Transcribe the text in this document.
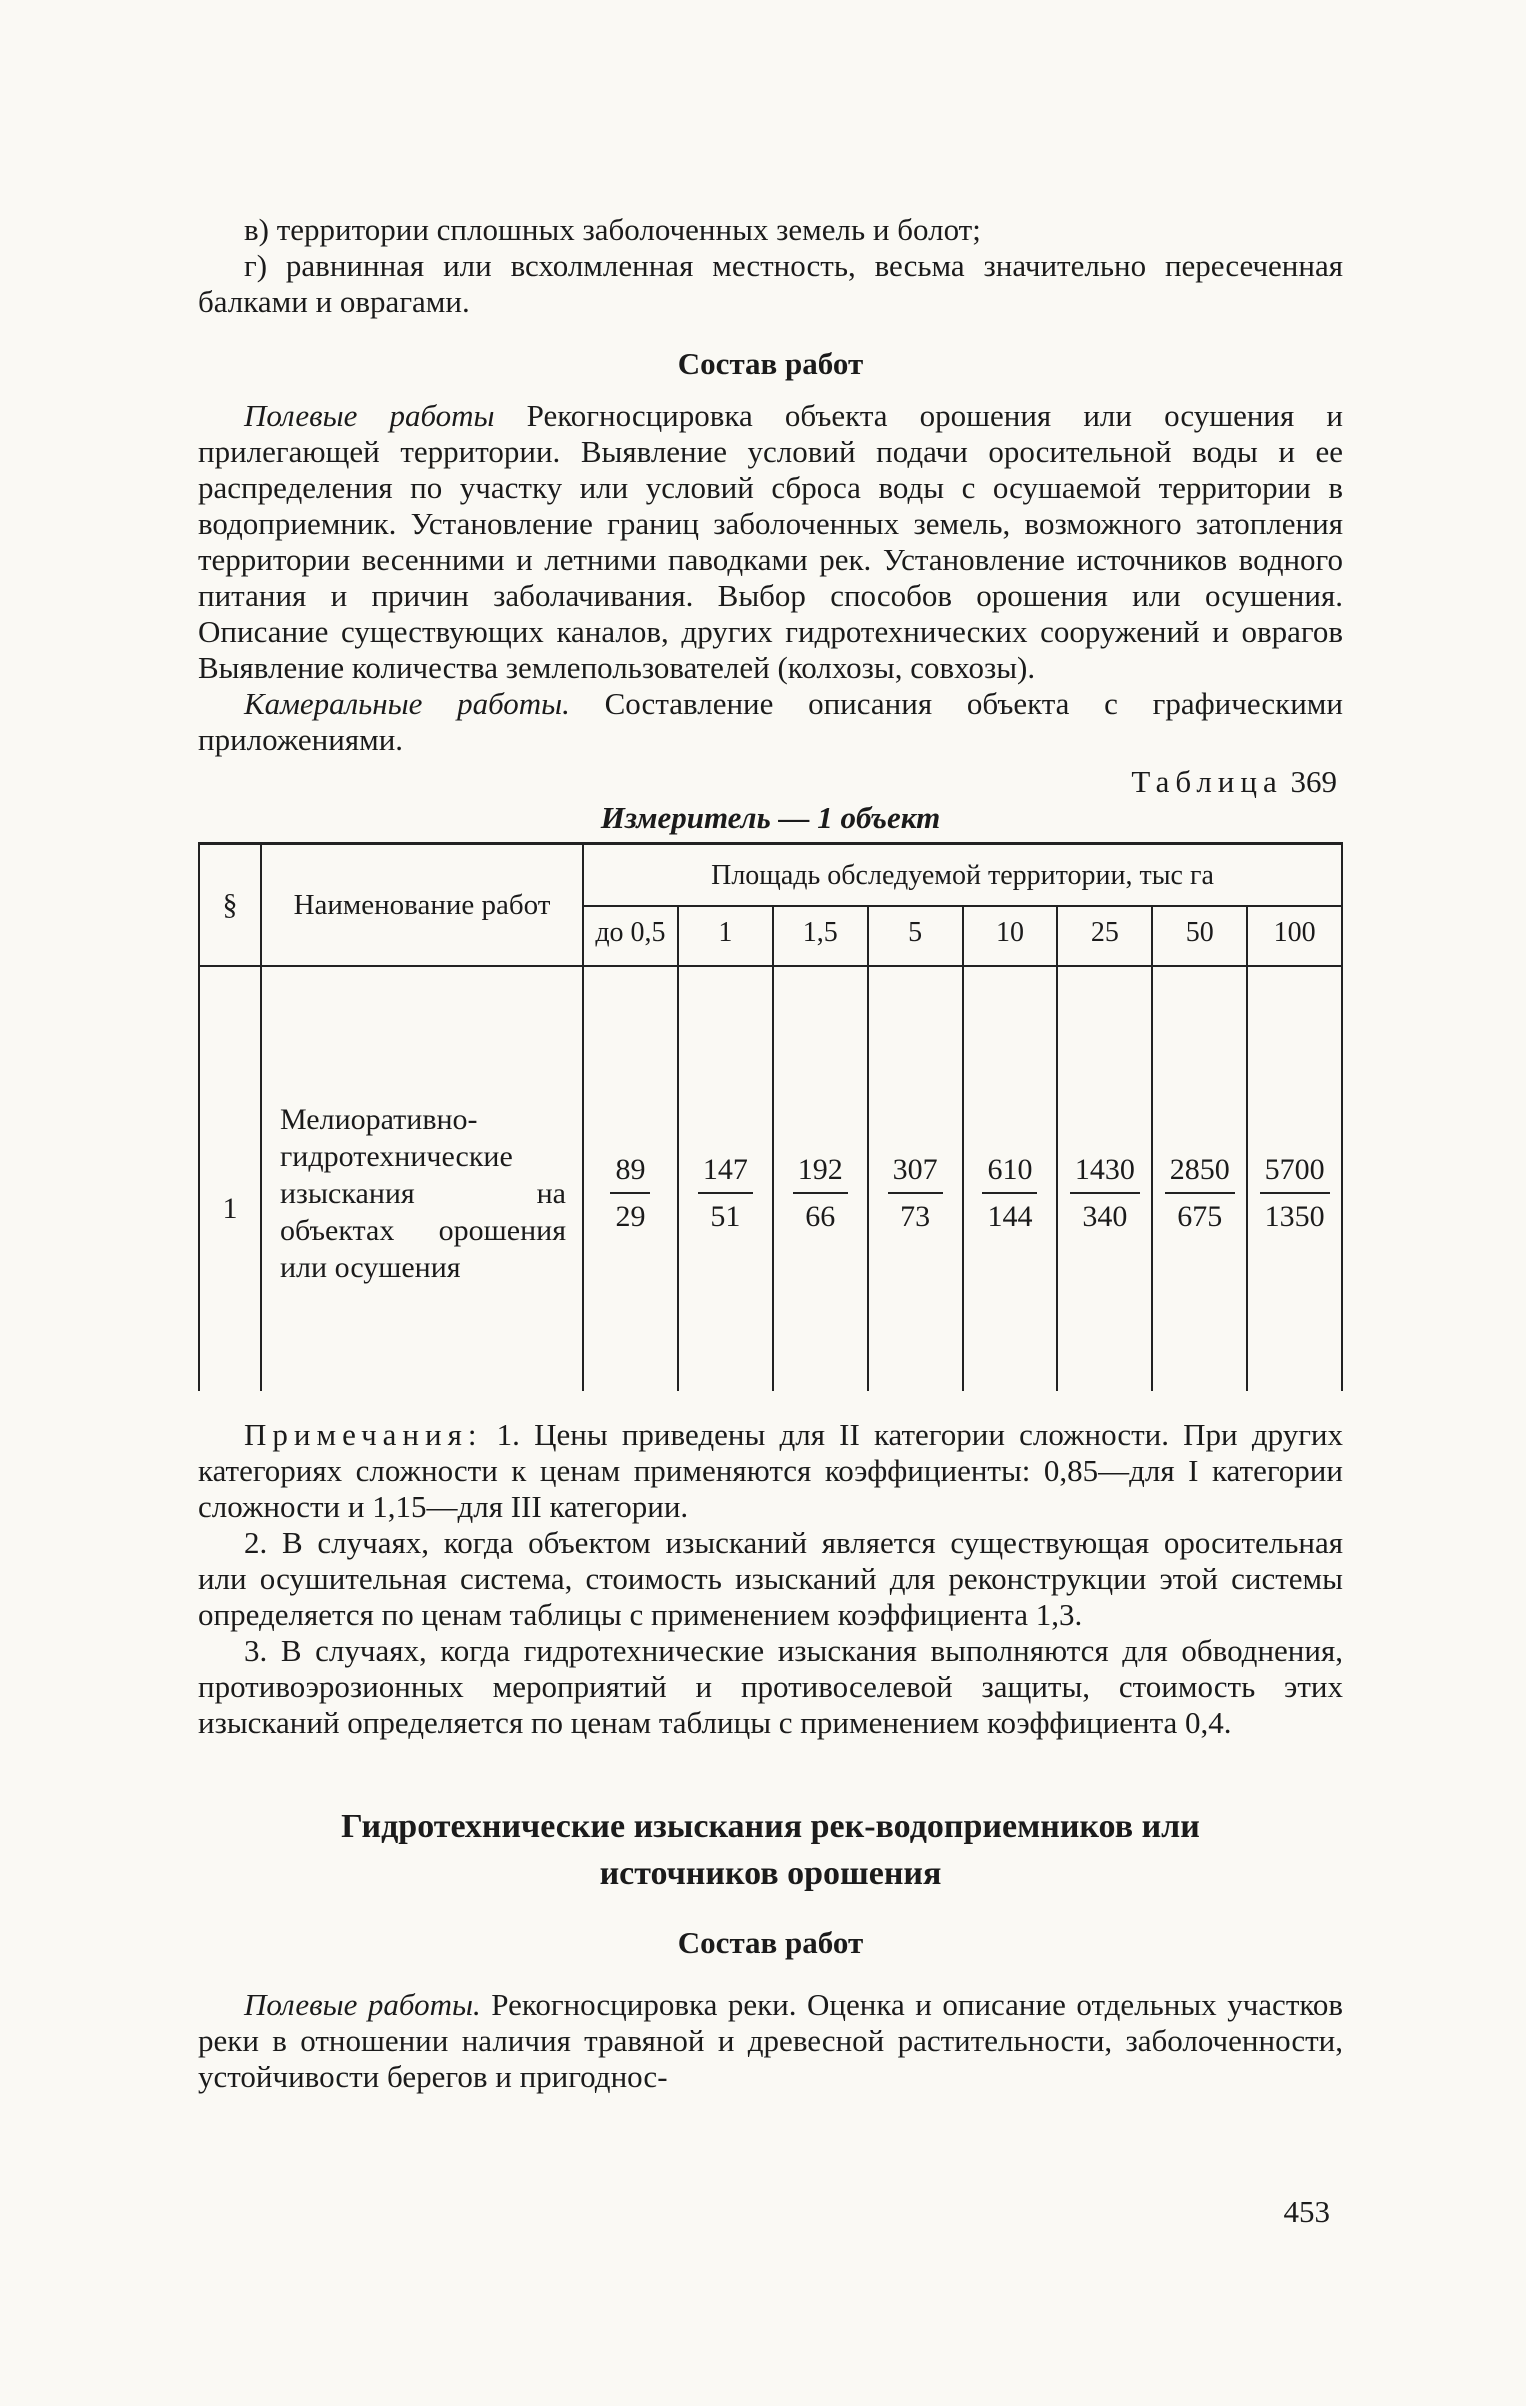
в) территории сплошных заболоченных земель и болот;

г) равнинная или всхолмленная местность, весьма значительно пересеченная балками и оврагами.

Состав работ

Полевые работы Рекогносцировка объекта орошения или осушения и прилегающей территории. Выявление условий подачи оросительной воды и ее распределения по участку или условий сброса воды с осушаемой территории в водоприемник. Установление границ заболоченных земель, возможного затопления территории весенними и летними паводками рек. Установление источников водного питания и причин заболачивания. Выбор способов орошения или осушения. Описание существующих каналов, других гидротехнических сооружений и оврагов Выявление количества землепользователей (колхозы, совхозы).

Камеральные работы. Составление описания объекта с графическими приложениями.

Таблица 369
Измеритель — 1 объект
§	Наименование работ	Площадь обследуемой территории, тыс га							
		до 0,5	1	1,5	5	10	25	50	100
1	Мелиоративно-гидротехнические изыскания на объектах орошения или осушения	$\frac{89}{29}$	$\frac{147}{51}$	$\frac{192}{66}$	$\frac{307}{73}$	$\frac{610}{144}$	$\frac{1430}{340}$	$\frac{2850}{675}$	$\frac{5700}{1350}$

Примечания: 1. Цены приведены для II категории сложности. При других категориях сложности к ценам применяются коэффициенты: 0,85—для I категории сложности и 1,15—для III категории.

2. В случаях, когда объектом изысканий является существующая оросительная или осушительная система, стоимость изысканий для реконструкции этой системы определяется по ценам таблицы с применением коэффициента 1,3.

3. В случаях, когда гидротехнические изыскания выполняются для обводнения, противоэрозионных мероприятий и противоселевой защиты, стоимость этих изысканий определяется по ценам таблицы с применением коэффициента 0,4.

Гидротехнические изыскания рек-водоприемников или источников орошения
Состав работ

Полевые работы. Рекогносцировка реки. Оценка и описание отдельных участков реки в отношении наличия травяной и древесной растительности, заболоченности, устойчивости берегов и пригоднос-

453
